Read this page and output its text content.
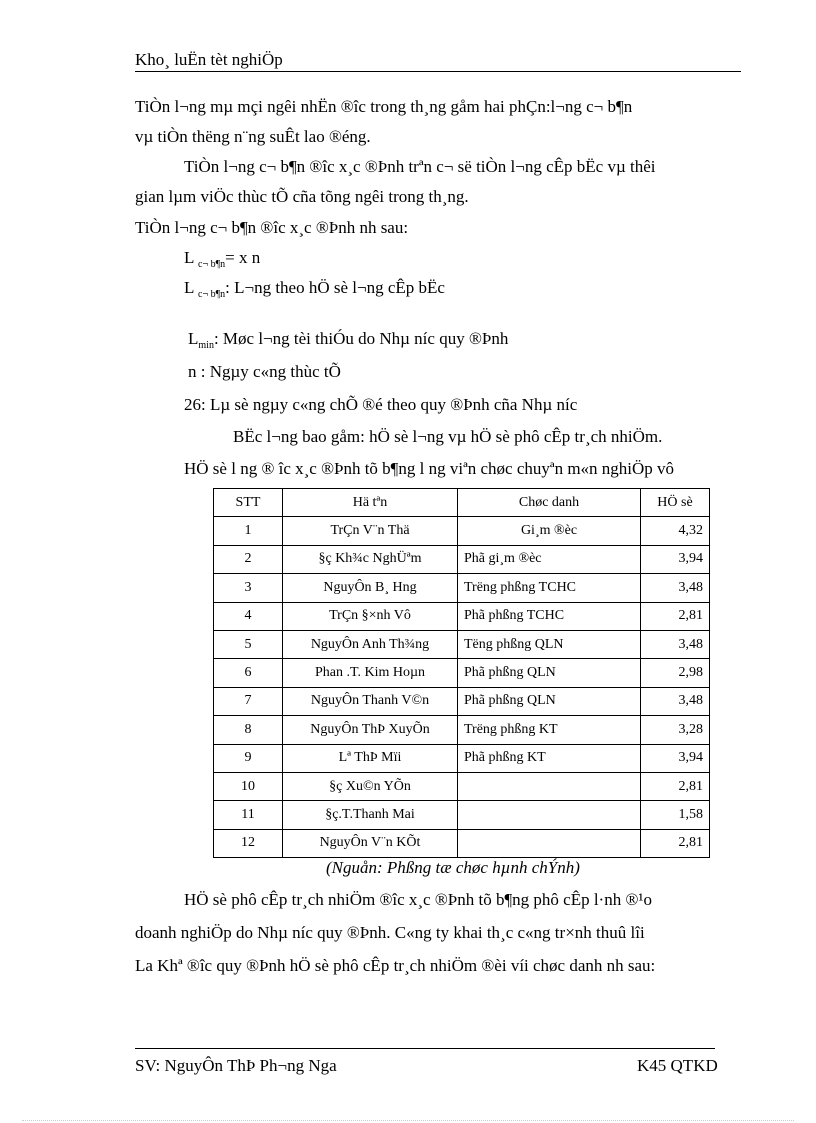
Kho¸ luËn tèt nghiÖp
TiÒn l¬ng mµ mçi ngêi nhËn ®îc trong th¸ng gåm hai phÇn:l¬ng c¬ b¶n
vµ tiÒn thëng n¨ng suÊt lao ®éng.
TiÒn l¬ng c¬ b¶n ®îc x¸c ®Þnh trªn c¬ së tiÒn l¬ng cÊp bËc vµ thêi
gian lµm viÖc thùc tÕ cña tõng ngêi trong th¸ng.
TiÒn l¬ng c¬ b¶n ®îc x¸c ®Þnh nh sau:
L $_{c\neg b\P n}$= x n
L $_{c\neg b\P n}$: L¬ng theo hÖ sè l¬ng cÊp bËc
$L_{min}$: Møc l¬ng tèi thiÓu do Nhµ níc quy ®Þnh
n : Ngµy c«ng thùc tÕ
26: Lµ sè ngµy c«ng chÕ ®é theo quy ®Þnh cña Nhµ níc
BËc l¬ng bao gåm: hÖ sè l¬ng vµ hÖ sè phô cÊp tr¸ch nhiÖm.
HÖ sè l ng ® îc x¸c ®Þnh tõ b¶ng l ng viªn chøc chuyªn m«n nghiÖp vô
STT	Hä tªn	Chøc danh	HÖ sè
1	TrÇn V¨n Thä	Gi¸m ®èc	4,32
2	§ç Kh¾c NghÜªm	Phã gi¸m ®èc	3,94
3	NguyÔn B¸ Hng	Trëng phßng TCHC	3,48
4	TrÇn §×nh Vô	Phã phßng TCHC	2,81
5	NguyÔn Anh Th¾ng	Tëng phßng QLN	3,48
6	Phan .T. Kim Hoµn	Phã phßng QLN	2,98
7	NguyÔn Thanh V©n	Phã phßng QLN	3,48
8	NguyÔn ThÞ XuyÕn	Trëng phßng KT	3,28
9	Lª ThÞ Mïi	Phã phßng KT	3,94
10	§ç Xu©n YÕn		2,81
11	§ç.T.Thanh Mai		1,58
12	NguyÔn V¨n KÕt		2,81
(Nguån: Phßng tæ chøc hµnh chÝnh)
HÖ sè phô cÊp tr¸ch nhiÖm ®îc x¸c ®Þnh tõ b¶ng phô cÊp l·nh ®¹o
doanh nghiÖp do Nhµ níc quy ®Þnh. C«ng ty khai th¸c c«ng tr×nh thuû lîi
La Khª ®îc quy ®Þnh hÖ sè phô cÊp tr¸ch nhiÖm ®èi víi chøc danh nh sau:
SV: NguyÔn ThÞ Ph¬ng Nga	K45 QTKD
